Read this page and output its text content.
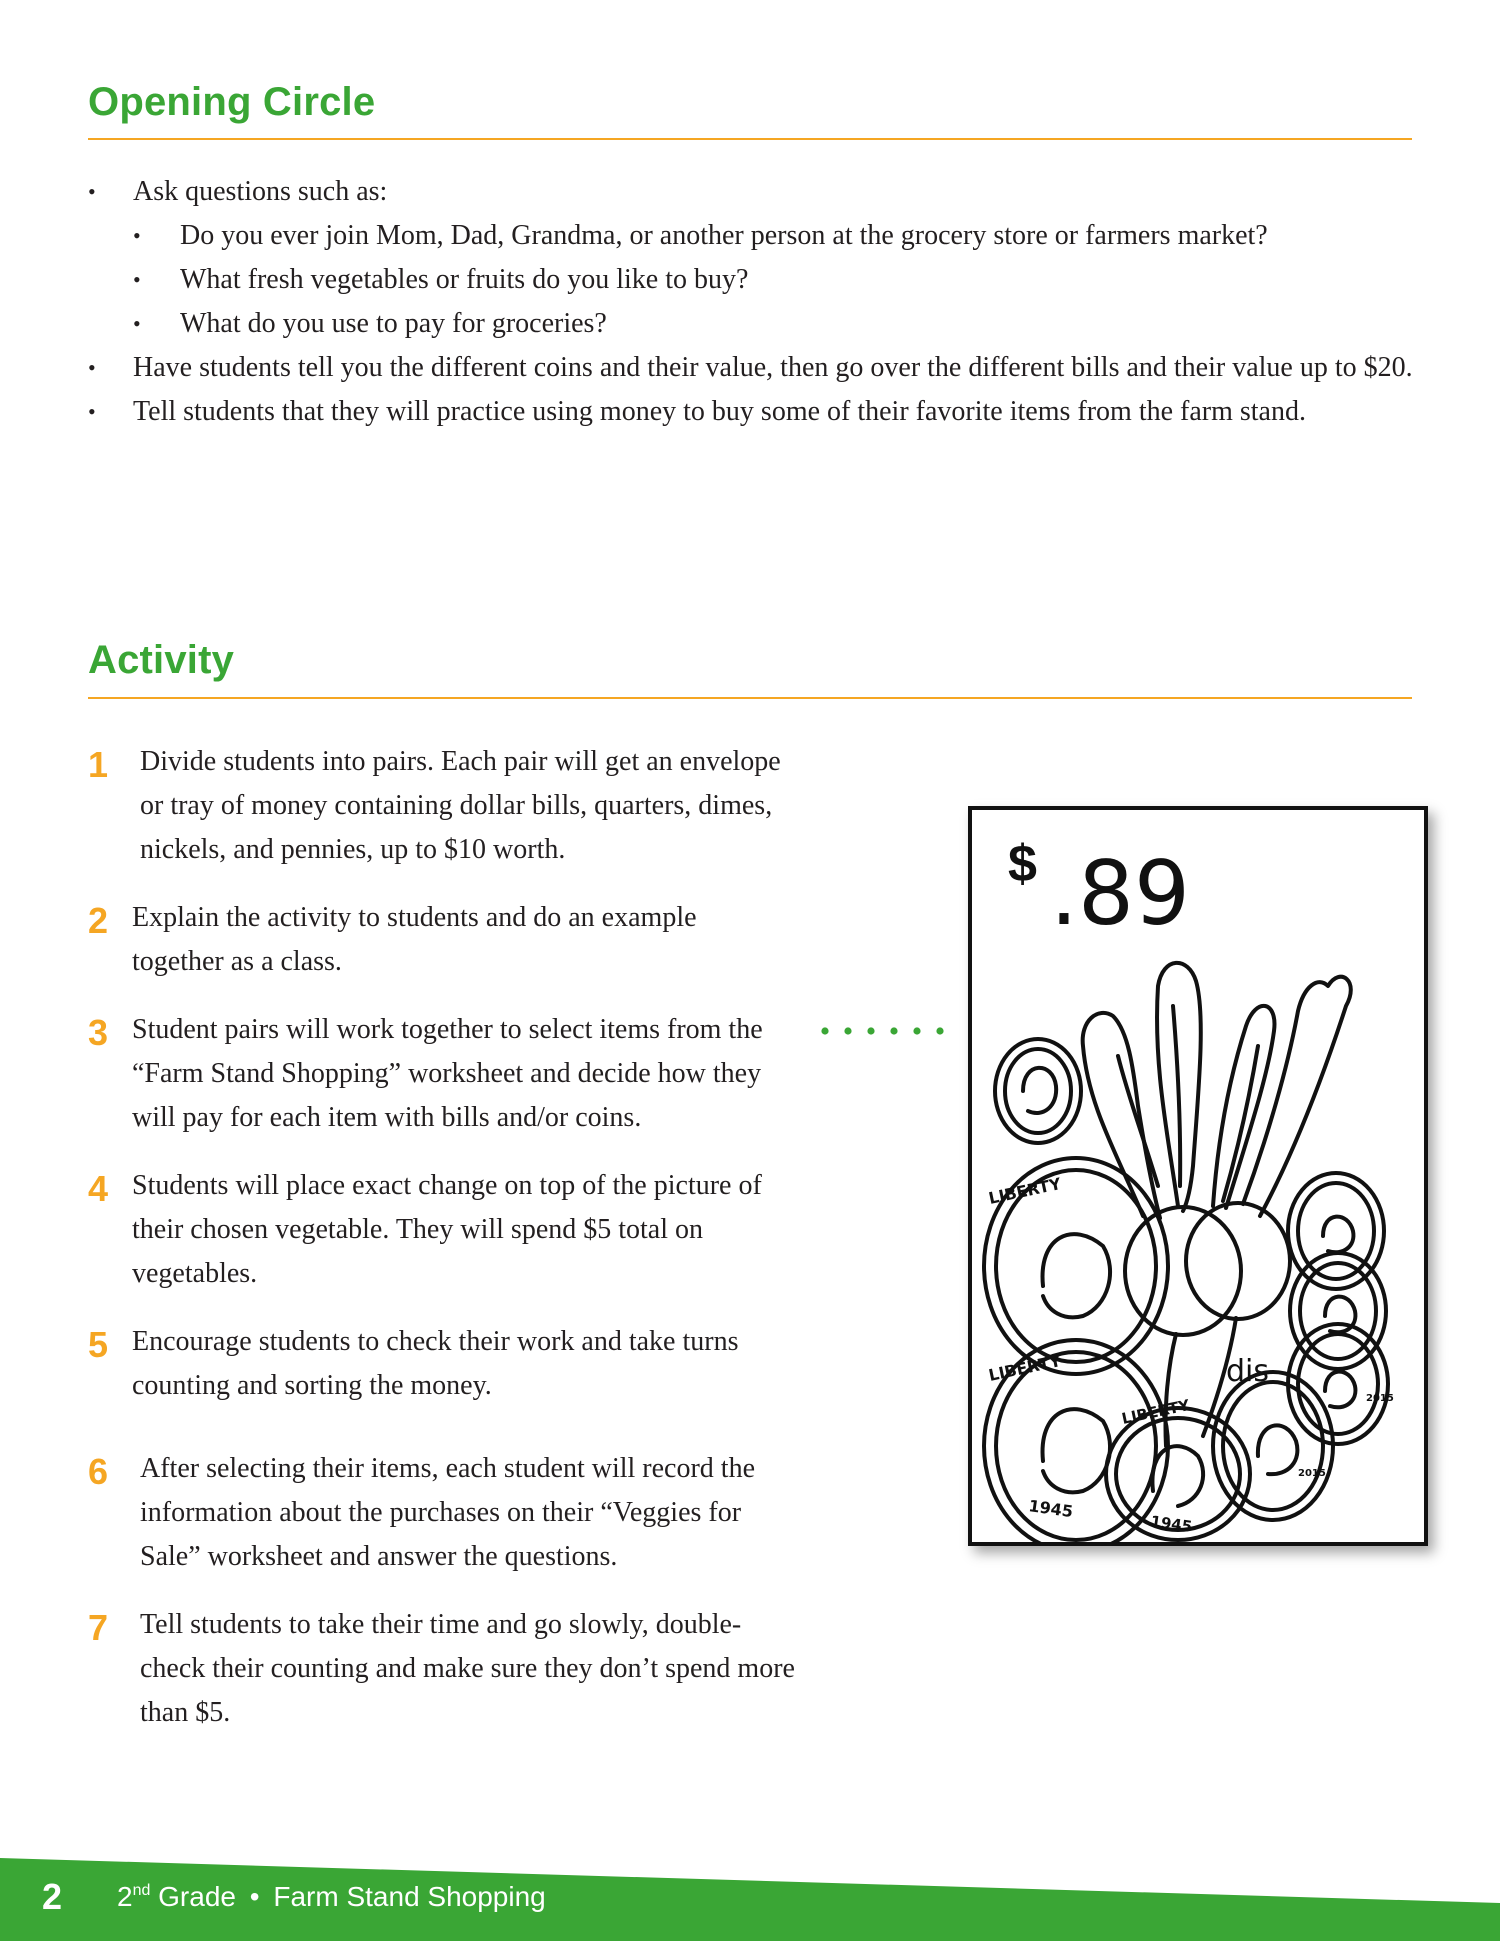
Opening Circle
• Ask questions such as:
• Do you ever join Mom, Dad, Grandma, or another person at the grocery store or farmers market?
• What fresh vegetables or fruits do you like to buy?
• What do you use to pay for groceries?
• Have students tell you the different coins and their value, then go over the different bills and their value up to $20.
• Tell students that they will practice using money to buy some of their favorite items from the farm stand.
Activity
1 Divide students into pairs. Each pair will get an envelope or tray of money containing dollar bills, quarters, dimes, nickels, and pennies, up to $10 worth.
2 Explain the activity to students and do an example together as a class.
3 Student pairs will work together to select items from the “Farm Stand Shopping” worksheet and decide how they will pay for each item with bills and/or coins.
4 Students will place exact change on top of the picture of their chosen vegetable. They will spend $5 total on vegetables.
5 Encourage students to check their work and take turns counting and sorting the money.
6 After selecting their items, each student will record the information about the purchases on their “Veggies for Sale” worksheet and answer the questions.
7 Tell students to take their time and go slowly, double-check their counting and make sure they don’t spend more than $5.
$ .89
LIBERTY
LIBERTY
LIBERTY
1945
1945
2015
2015
dis
2 2nd Grade • Farm Stand Shopping
